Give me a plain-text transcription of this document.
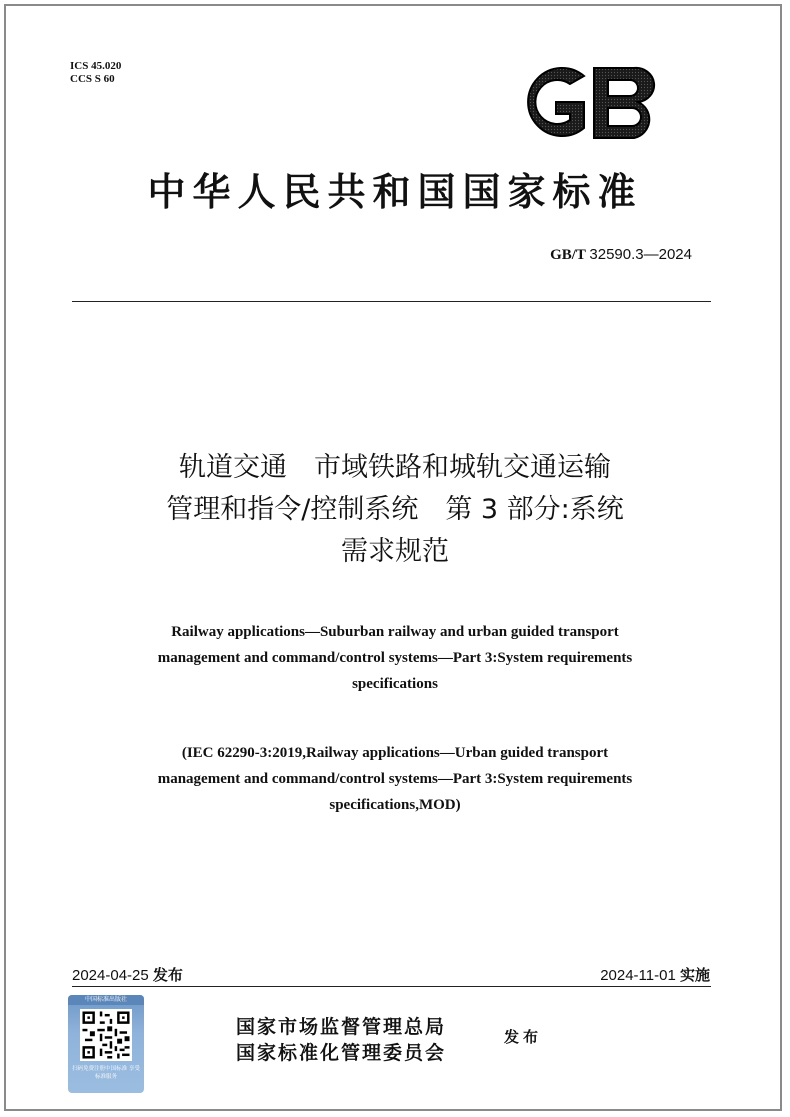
ICS 45.020
CCS S 60
中华人民共和国国家标准
GB/T 32590.3—2024
轨道交通　市域铁路和城轨交通运输
管理和指令/控制系统　第 3 部分:系统
需求规范
Railway applications—Suburban railway and urban guided transport
management and command/control systems—Part 3:System requirements
specifications
(IEC 62290-3:2019,Railway applications—Urban guided transport
management and command/control systems—Part 3:System requirements
specifications,MOD)
2024-04-25 发布	2024-11-01 实施
中国标准出版社
扫码免费注册中国标准 享受标准服务
国家市场监督管理总局
国家标准化管理委员会
发布
